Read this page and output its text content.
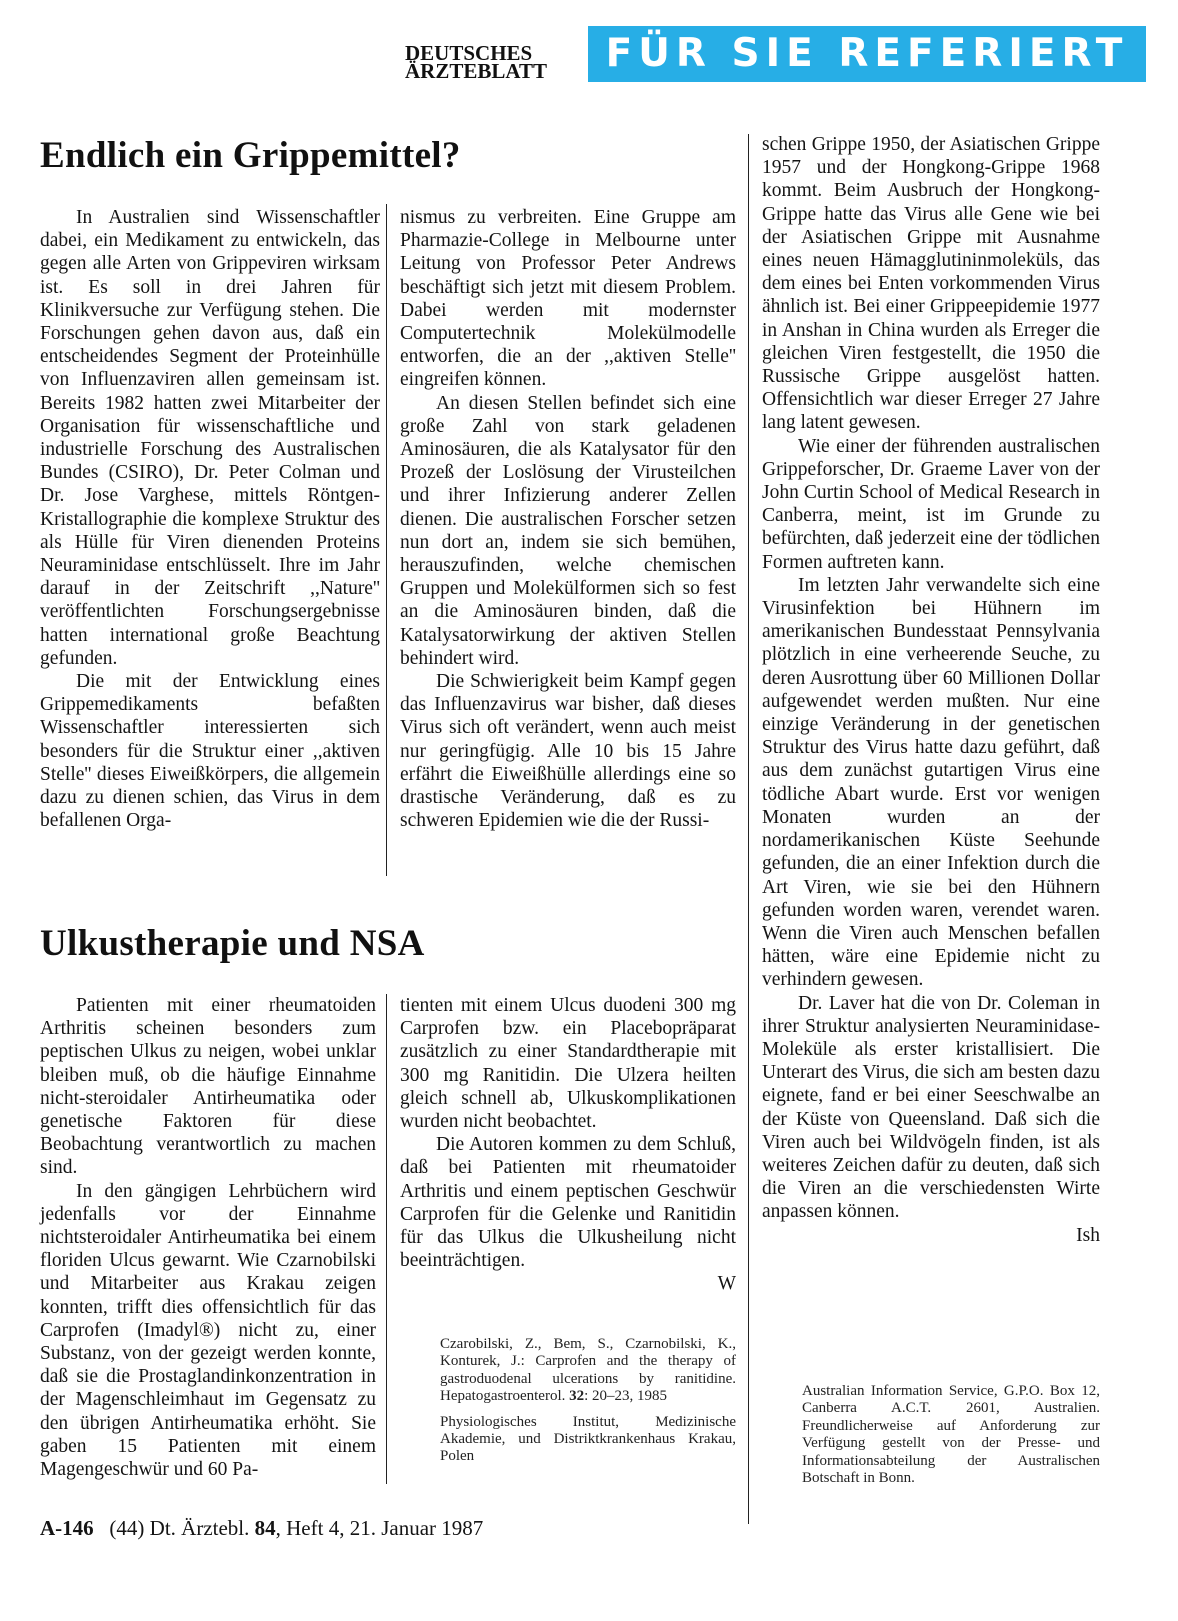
DEUTSCHES
ÄRZTEBLATT	FÜR SIE REFERIERT
Endlich ein Grippemittel?

In Australien sind Wissenschaftler dabei, ein Medikament zu entwickeln, das gegen alle Arten von Grippeviren wirksam ist. Es soll in drei Jahren für Klinikversuche zur Verfügung stehen. Die Forschungen gehen davon aus, daß ein entscheidendes Segment der Proteinhülle von Influenzaviren allen gemeinsam ist. Bereits 1982 hatten zwei Mitarbeiter der Organisation für wissenschaftliche und industrielle Forschung des Australischen Bundes (CSIRO), Dr. Peter Colman und Dr. Jose Varghese, mittels Röntgen-Kristallographie die komplexe Struktur des als Hülle für Viren dienenden Proteins Neuraminidase entschlüsselt. Ihre im Jahr darauf in der Zeitschrift ,,Nature'' veröffentlichten Forschungsergebnisse hatten international große Beachtung gefunden.

Die mit der Entwicklung eines Grippemedikaments befaßten Wissenschaftler interessierten sich besonders für die Struktur einer ,,aktiven Stelle'' dieses Eiweißkörpers, die allgemein dazu zu dienen schien, das Virus in dem befallenen Orga-

nismus zu verbreiten. Eine Gruppe am Pharmazie-College in Melbourne unter Leitung von Professor Peter Andrews beschäftigt sich jetzt mit diesem Problem. Dabei werden mit modernster Computertechnik Molekülmodelle entworfen, die an der ,,aktiven Stelle'' eingreifen können.

An diesen Stellen befindet sich eine große Zahl von stark geladenen Aminosäuren, die als Katalysator für den Prozeß der Loslösung der Virusteilchen und ihrer Infizierung anderer Zellen dienen. Die australischen Forscher setzen nun dort an, indem sie sich bemühen, herauszufinden, welche chemischen Gruppen und Molekülformen sich so fest an die Aminosäuren binden, daß die Katalysatorwirkung der aktiven Stellen behindert wird.

Die Schwierigkeit beim Kampf gegen das Influenzavirus war bisher, daß dieses Virus sich oft verändert, wenn auch meist nur geringfügig. Alle 10 bis 15 Jahre erfährt die Eiweißhülle allerdings eine so drastische Veränderung, daß es zu schweren Epidemien wie die der Russi-

schen Grippe 1950, der Asiatischen Grippe 1957 und der Hongkong-Grippe 1968 kommt. Beim Ausbruch der Hongkong-Grippe hatte das Virus alle Gene wie bei der Asiatischen Grippe mit Ausnahme eines neuen Hämagglutininmoleküls, das dem eines bei Enten vorkommenden Virus ähnlich ist. Bei einer Grippeepidemie 1977 in Anshan in China wurden als Erreger die gleichen Viren festgestellt, die 1950 die Russische Grippe ausgelöst hatten. Offensichtlich war dieser Erreger 27 Jahre lang latent gewesen.

Wie einer der führenden australischen Grippeforscher, Dr. Graeme Laver von der John Curtin School of Medical Research in Canberra, meint, ist im Grunde zu befürchten, daß jederzeit eine der tödlichen Formen auftreten kann.

Im letzten Jahr verwandelte sich eine Virusinfektion bei Hühnern im amerikanischen Bundesstaat Pennsylvania plötzlich in eine verheerende Seuche, zu deren Ausrottung über 60 Millionen Dollar aufgewendet werden mußten. Nur eine einzige Veränderung in der genetischen Struktur des Virus hatte dazu geführt, daß aus dem zunächst gutartigen Virus eine tödliche Abart wurde. Erst vor wenigen Monaten wurden an der nordamerikanischen Küste Seehunde gefunden, die an einer Infektion durch die Art Viren, wie sie bei den Hühnern gefunden worden waren, verendet waren. Wenn die Viren auch Menschen befallen hätten, wäre eine Epidemie nicht zu verhindern gewesen.

Dr. Laver hat die von Dr. Coleman in ihrer Struktur analysierten Neuraminidase-Moleküle als erster kristallisiert. Die Unterart des Virus, die sich am besten dazu eignete, fand er bei einer Seeschwalbe an der Küste von Queensland. Daß sich die Viren auch bei Wildvögeln finden, ist als weiteres Zeichen dafür zu deuten, daß sich die Viren an die verschiedensten Wirte anpassen können.

Ish

Australian Information Service, G.P.O. Box 12, Canberra A.C.T. 2601, Australien. Freundlicherweise auf Anforderung zur Verfügung gestellt von der Presse- und Informationsabteilung der Australischen Botschaft in Bonn.

Ulkustherapie und NSA

Patienten mit einer rheumatoiden Arthritis scheinen besonders zum peptischen Ulkus zu neigen, wobei unklar bleiben muß, ob die häufige Einnahme nicht-steroidaler Antirheumatika oder genetische Faktoren für diese Beobachtung verantwortlich zu machen sind.

In den gängigen Lehrbüchern wird jedenfalls vor der Einnahme nichtsteroidaler Antirheumatika bei einem floriden Ulcus gewarnt. Wie Czarnobilski und Mitarbeiter aus Krakau zeigen konnten, trifft dies offensichtlich für das Carprofen (Imadyl®) nicht zu, einer Substanz, von der gezeigt werden konnte, daß sie die Prostaglandinkonzentration in der Magenschleimhaut im Gegensatz zu den übrigen Antirheumatika erhöht. Sie gaben 15 Patienten mit einem Magengeschwür und 60 Pa-

tienten mit einem Ulcus duodeni 300 mg Carprofen bzw. ein Placebopräparat zusätzlich zu einer Standardtherapie mit 300 mg Ranitidin. Die Ulzera heilten gleich schnell ab, Ulkuskomplikationen wurden nicht beobachtet.

Die Autoren kommen zu dem Schluß, daß bei Patienten mit rheumatoider Arthritis und einem peptischen Geschwür Carprofen für die Gelenke und Ranitidin für das Ulkus die Ulkusheilung nicht beeinträchtigen.

W

Czarobilski, Z., Bem, S., Czarnobilski, K., Konturek, J.: Carprofen and the therapy of gastroduodenal ulcerations by ranitidine. Hepatogastroenterol. 32: 20–23, 1985

Physiologisches Institut, Medizinische Akademie, und Distriktkrankenhaus Krakau, Polen

A-146 (44) Dt. Ärztebl. 84, Heft 4, 21. Januar 1987
